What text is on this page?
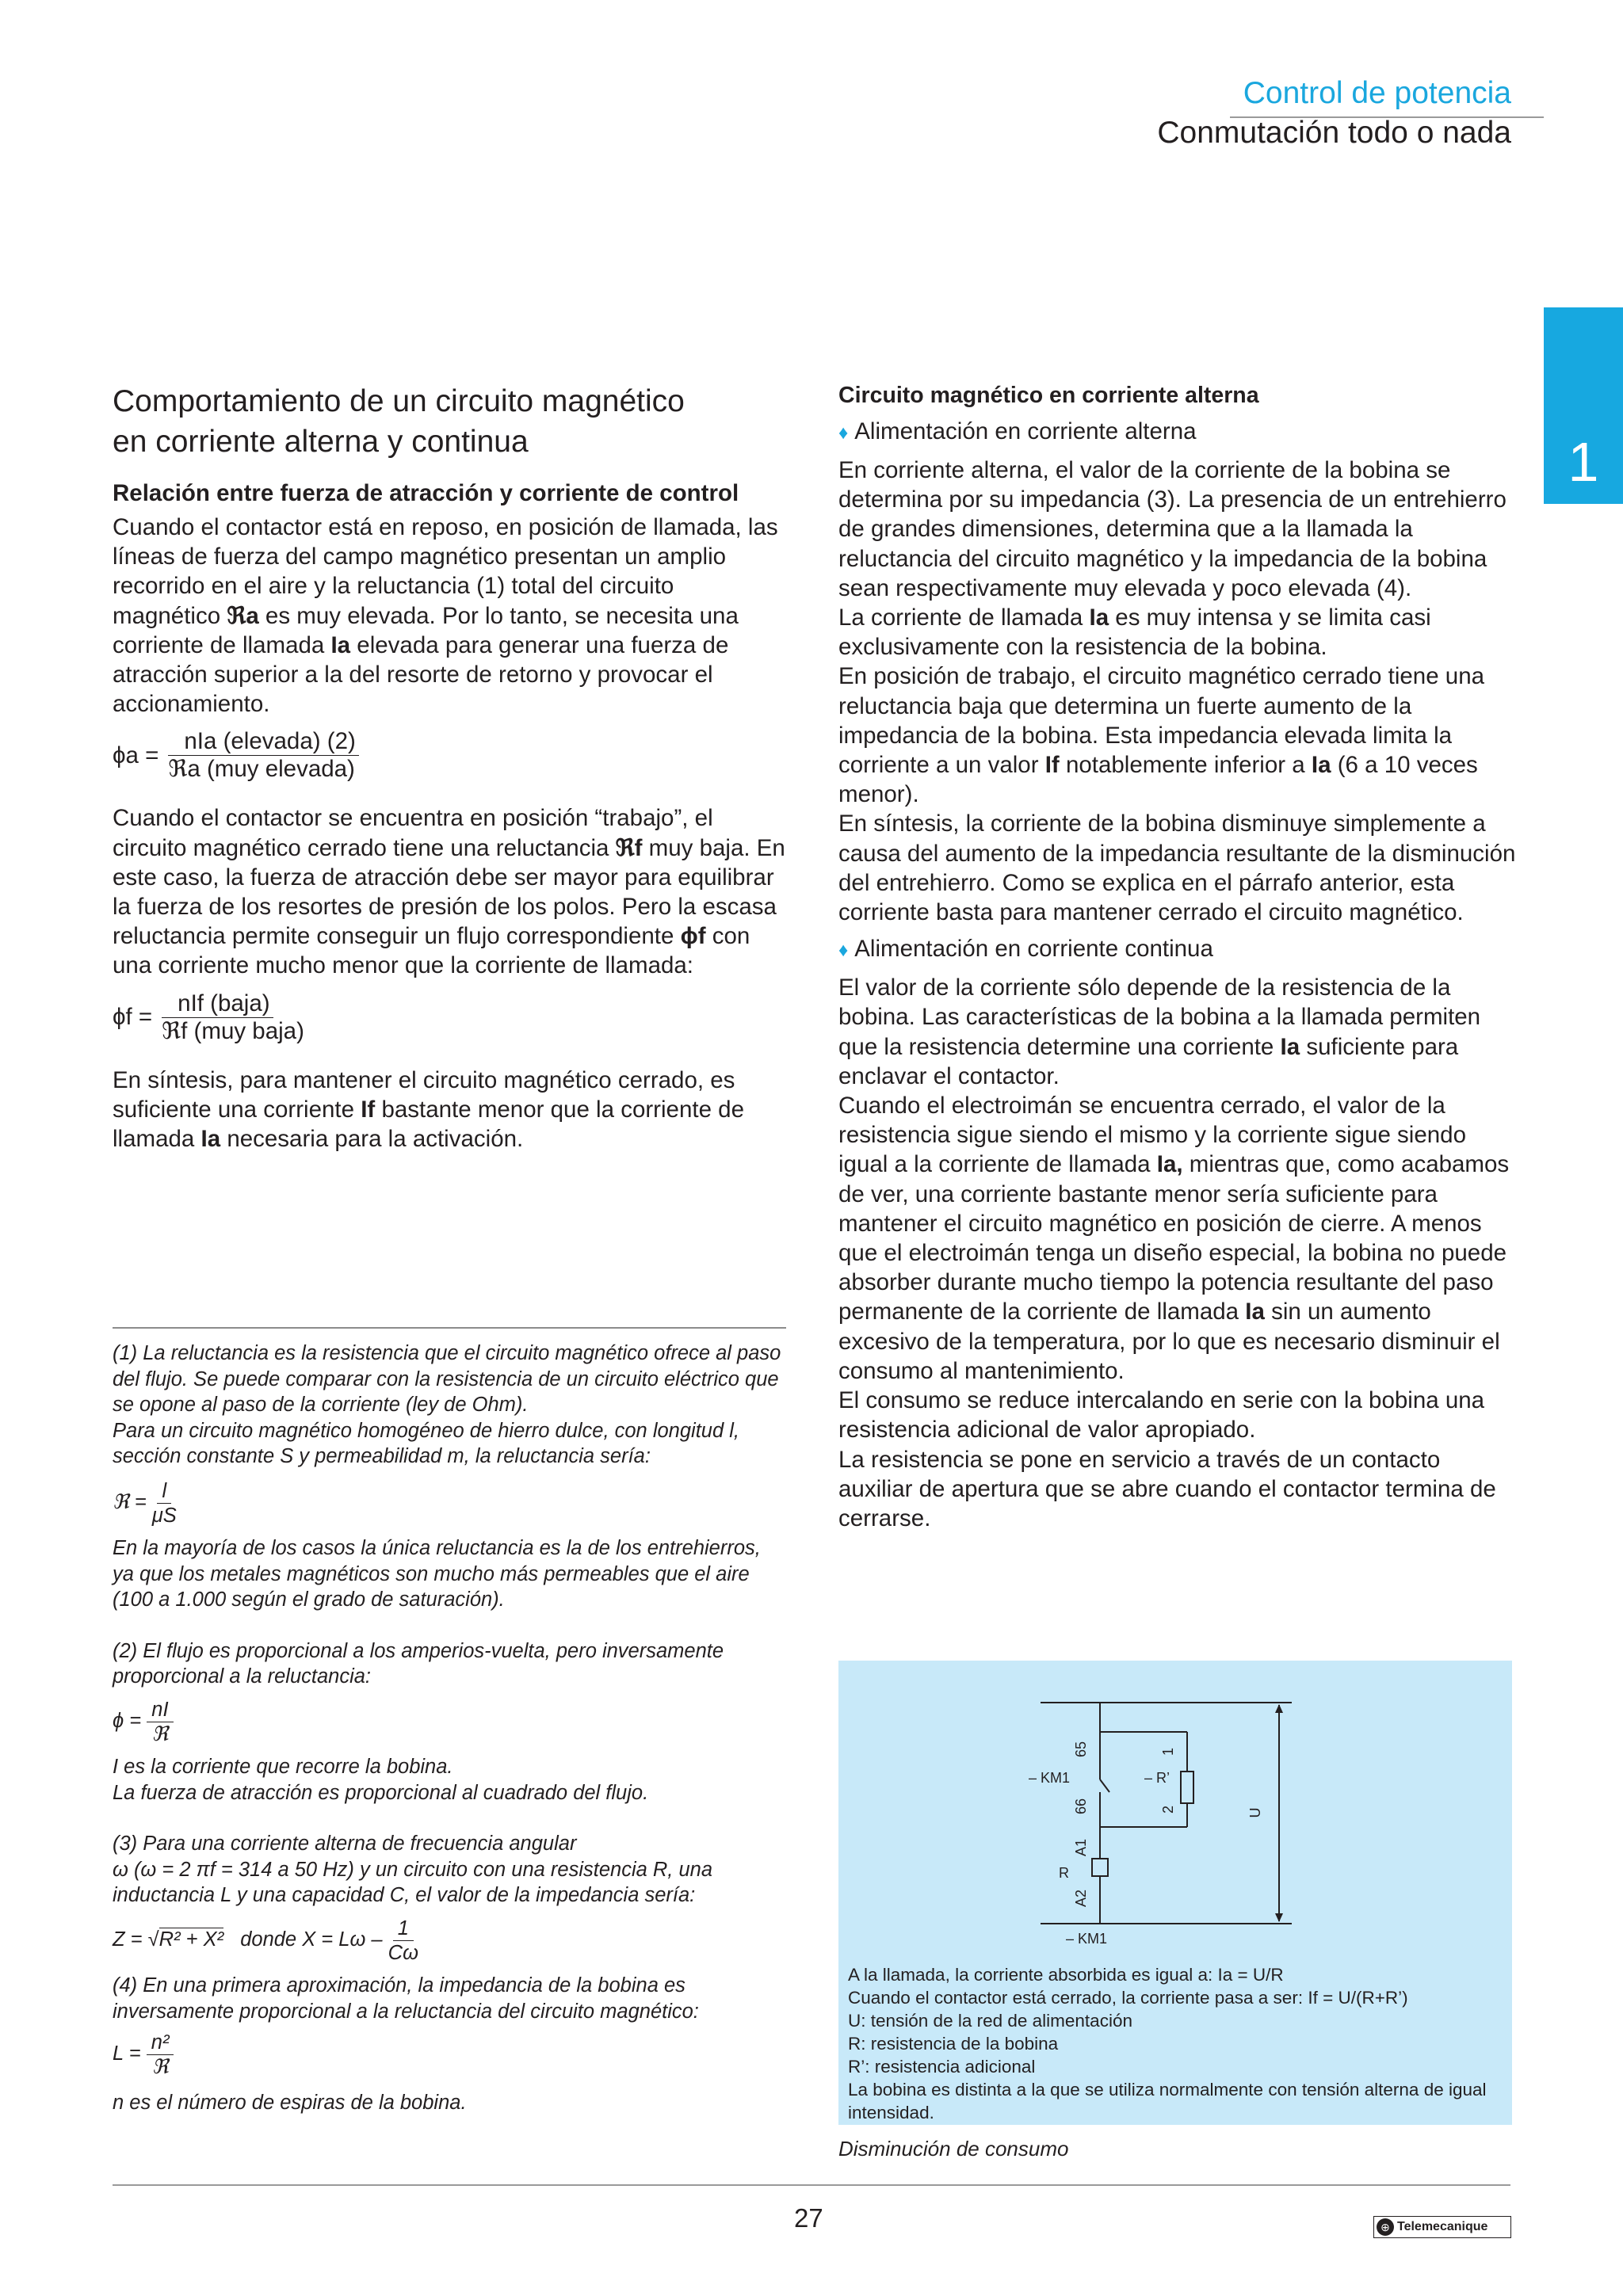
Control de potencia
Conmutación todo o nada
1
Comportamiento de un circuito magnético
en corriente alterna y continua
Relación entre fuerza de atracción y corriente de control

Cuando el contactor está en reposo, en posición de llamada, las líneas de fuerza del campo magnético presentan un amplio recorrido en el aire y la reluctancia (1) total del circuito magnético ℜa es muy elevada. Por lo tanto, se necesita una corriente de llamada Ia elevada para generar una fuerza de atracción superior a la del resorte de retorno y provocar el accionamiento.

$\phi a = \frac{\text{nIa (elevada) (2)}}{\text{ℜa (muy elevada)}}$

Cuando el contactor se encuentra en posición “trabajo”, el circuito magnético cerrado tiene una reluctancia ℜf muy baja. En este caso, la fuerza de atracción debe ser mayor para equilibrar la fuerza de los resortes de presión de los polos. Pero la escasa reluctancia permite conseguir un flujo correspondiente ϕf con una corriente mucho menor que la corriente de llamada:

$\phi f = \frac{\text{nIf (baja)}}{\text{ℜf (muy baja)}}$

En síntesis, para mantener el circuito magnético cerrado, es suficiente una corriente If bastante menor que la corriente de llamada Ia necesaria para la activación.

(1) La reluctancia es la resistencia que el circuito magnético ofrece al paso del flujo. Se puede comparar con la resistencia de un circuito eléctrico que se opone al paso de la corriente (ley de Ohm).

Para un circuito magnético homogéneo de hierro dulce, con longitud l, sección constante S y permeabilidad m, la reluctancia sería:

ℜ = $\frac{l}{\mu S}$

En la mayoría de los casos la única reluctancia es la de los entrehierros, ya que los metales magnéticos son mucho más permeables que el aire (100 a 1.000 según el grado de saturación).

(2) El flujo es proporcional a los amperios-vuelta, pero inversamente proporcional a la reluctancia:

ϕ =
nI
ℜ

I es la corriente que recorre la bobina.

La fuerza de atracción es proporcional al cuadrado del flujo.

(3) Para una corriente alterna de frecuencia angular

ω (ω = 2 πf = 314 a 50 Hz) y un circuito con una resistencia R, una inductancia L y una capacidad C, el valor de la impedancia sería:

Z = √R² + X² donde $X = L\omega - \frac{1}{C\omega}$

(4) En una primera aproximación, la impedancia de la bobina es inversamente proporcional a la reluctancia del circuito magnético:

L =
n²
ℜ

n es el número de espiras de la bobina.

Circuito magnético en corriente alterna
♦ Alimentación en corriente alterna

En corriente alterna, el valor de la corriente de la bobina se determina por su impedancia (3). La presencia de un entrehierro de grandes dimensiones, determina que a la llamada la reluctancia del circuito magnético y la impedancia de la bobina sean respectivamente muy elevada y poco elevada (4).

La corriente de llamada Ia es muy intensa y se limita casi exclusivamente con la resistencia de la bobina.

En posición de trabajo, el circuito magnético cerrado tiene una reluctancia baja que determina un fuerte aumento de la impedancia de la bobina. Esta impedancia elevada limita la corriente a un valor If notablemente inferior a Ia (6 a 10 veces menor).

En síntesis, la corriente de la bobina disminuye simplemente a causa del aumento de la impedancia resultante de la disminución del entrehierro. Como se explica en el párrafo anterior, esta corriente basta para mantener cerrado el circuito magnético.

♦ Alimentación en corriente continua

El valor de la corriente sólo depende de la resistencia de la bobina. Las características de la bobina a la llamada permiten que la resistencia determine una corriente Ia suficiente para enclavar el contactor.

Cuando el electroimán se encuentra cerrado, el valor de la resistencia sigue siendo el mismo y la corriente sigue siendo igual a la corriente de llamada Ia, mientras que, como acabamos de ver, una corriente bastante menor sería suficiente para mantener el circuito magnético en posición de cierre. A menos que el electroimán tenga un diseño especial, la bobina no puede absorber durante mucho tiempo la potencia resultante del paso permanente de la corriente de llamada Ia sin un aumento excesivo de la temperatura, por lo que es necesario disminuir el consumo al mantenimiento.

El consumo se reduce intercalando en serie con la bobina una resistencia adicional de valor apropiado.

La resistencia se pone en servicio a través de un contacto auxiliar de apertura que se abre cuando el contactor termina de cerrarse.

65
66
1
2
– KM1	– R’
U
A1
A2
R
– KM1
A la llamada, la corriente absorbida es igual a: Ia = U/R
Cuando el contactor está cerrado, la corriente pasa a ser: If = U/(R+R’)
U: tensión de la red de alimentación
R: resistencia de la bobina
R’: resistencia adicional
La bobina es distinta a la que se utiliza normalmente con tensión alterna de igual intensidad.
Disminución de consumo
27	⊕ Telemecanique
